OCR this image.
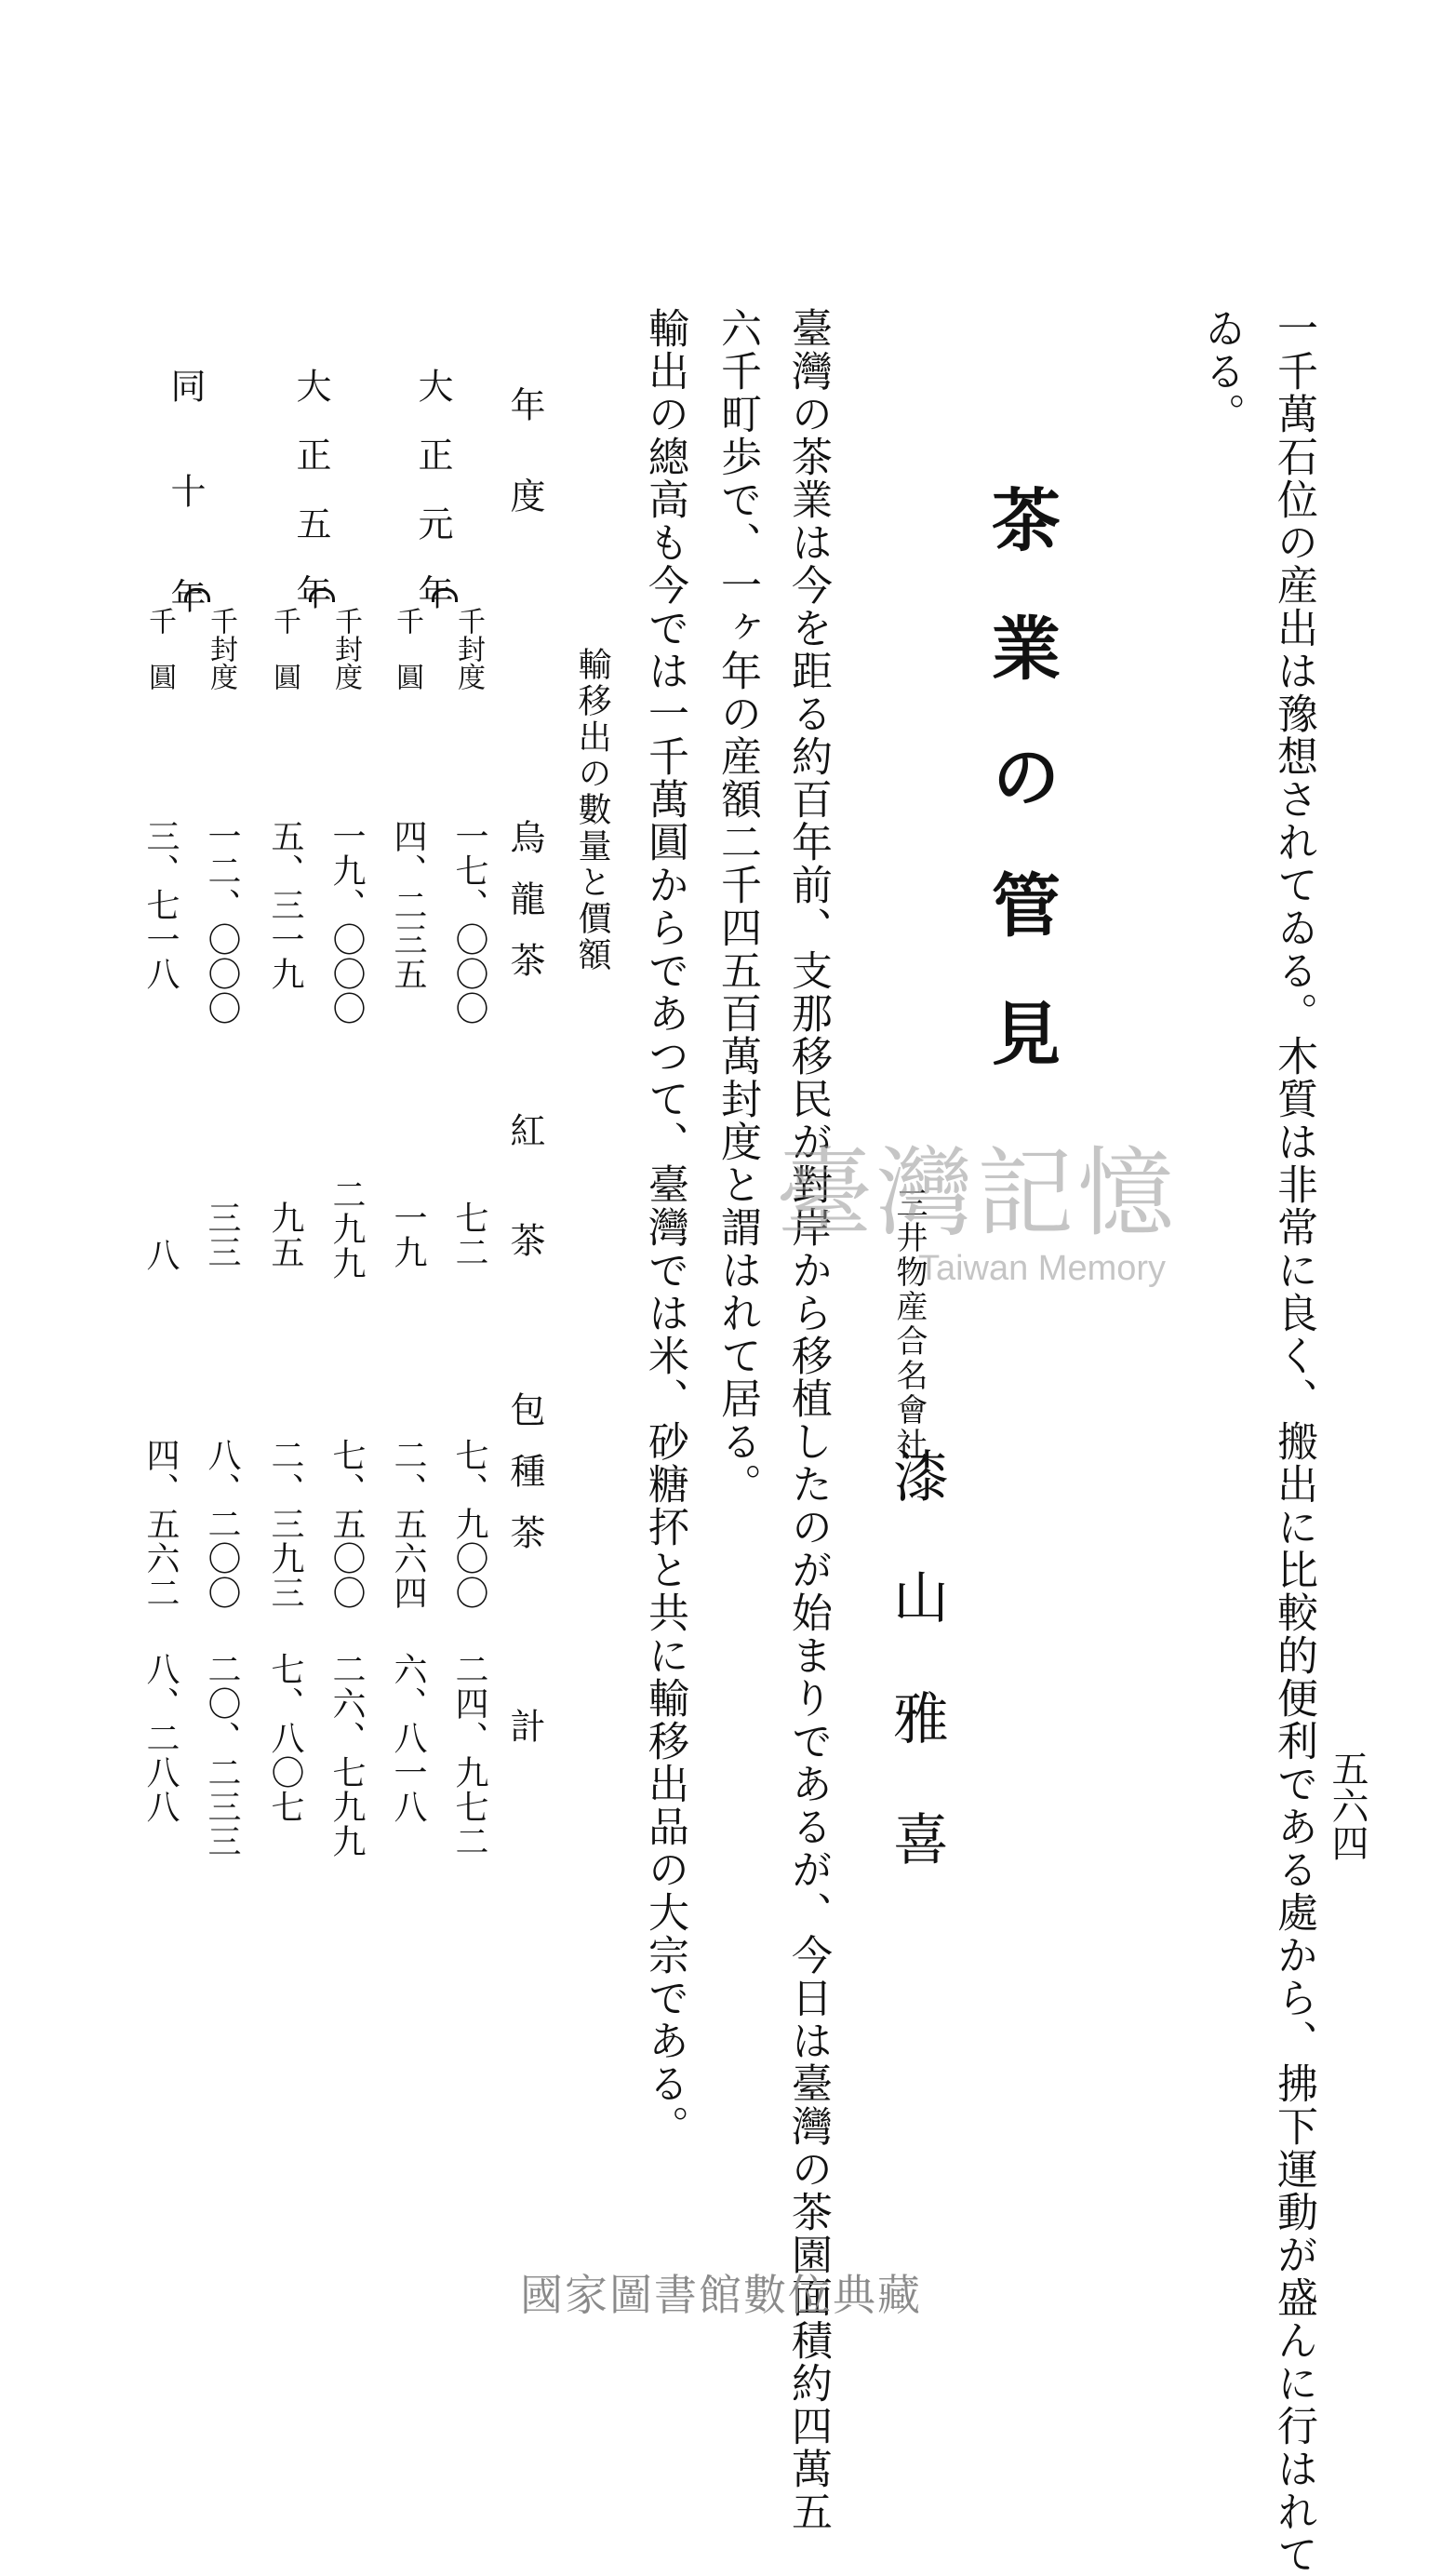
五六四
一千萬石位の産出は豫想されてゐる。木質は非常に良く、搬出に比較的便利である處から、拂下運動が盛んに行はれて
ゐる。
茶業の管見
三井物産合名會社
漆山雅喜
臺灣の茶業は今を距る約百年前、支那移民が對岸から移植したのが始まりであるが、今日は臺灣の茶園面積約四萬五
六千町歩で、一ヶ年の産額二千四五百萬封度と謂はれて居る。
輸出の總高も今では一千萬圓からであつて、臺灣では米、砂糖抔と共に輸移出品の大宗である。
輸移出の數量と價額
年度
烏龍茶
紅茶
包種茶
計
大正元年
千封度
千圓
一七、〇〇〇
四、二三五
七二
一九
七、九〇〇
二、五六四
二四、九七二
六、八一八
大正五年
千封度
千圓
一九、〇〇〇
五、三一九
二九九
九五
七、五〇〇
二、三九三
二六、七九九
七、八〇七
同十年 千封度
千圓
一二、〇〇〇
三、七一八
三三
八
八、二〇〇
四、五六二
二〇、二三三
八、二八八
臺灣記憶
Taiwan Memory
國家圖書館數位典藏
